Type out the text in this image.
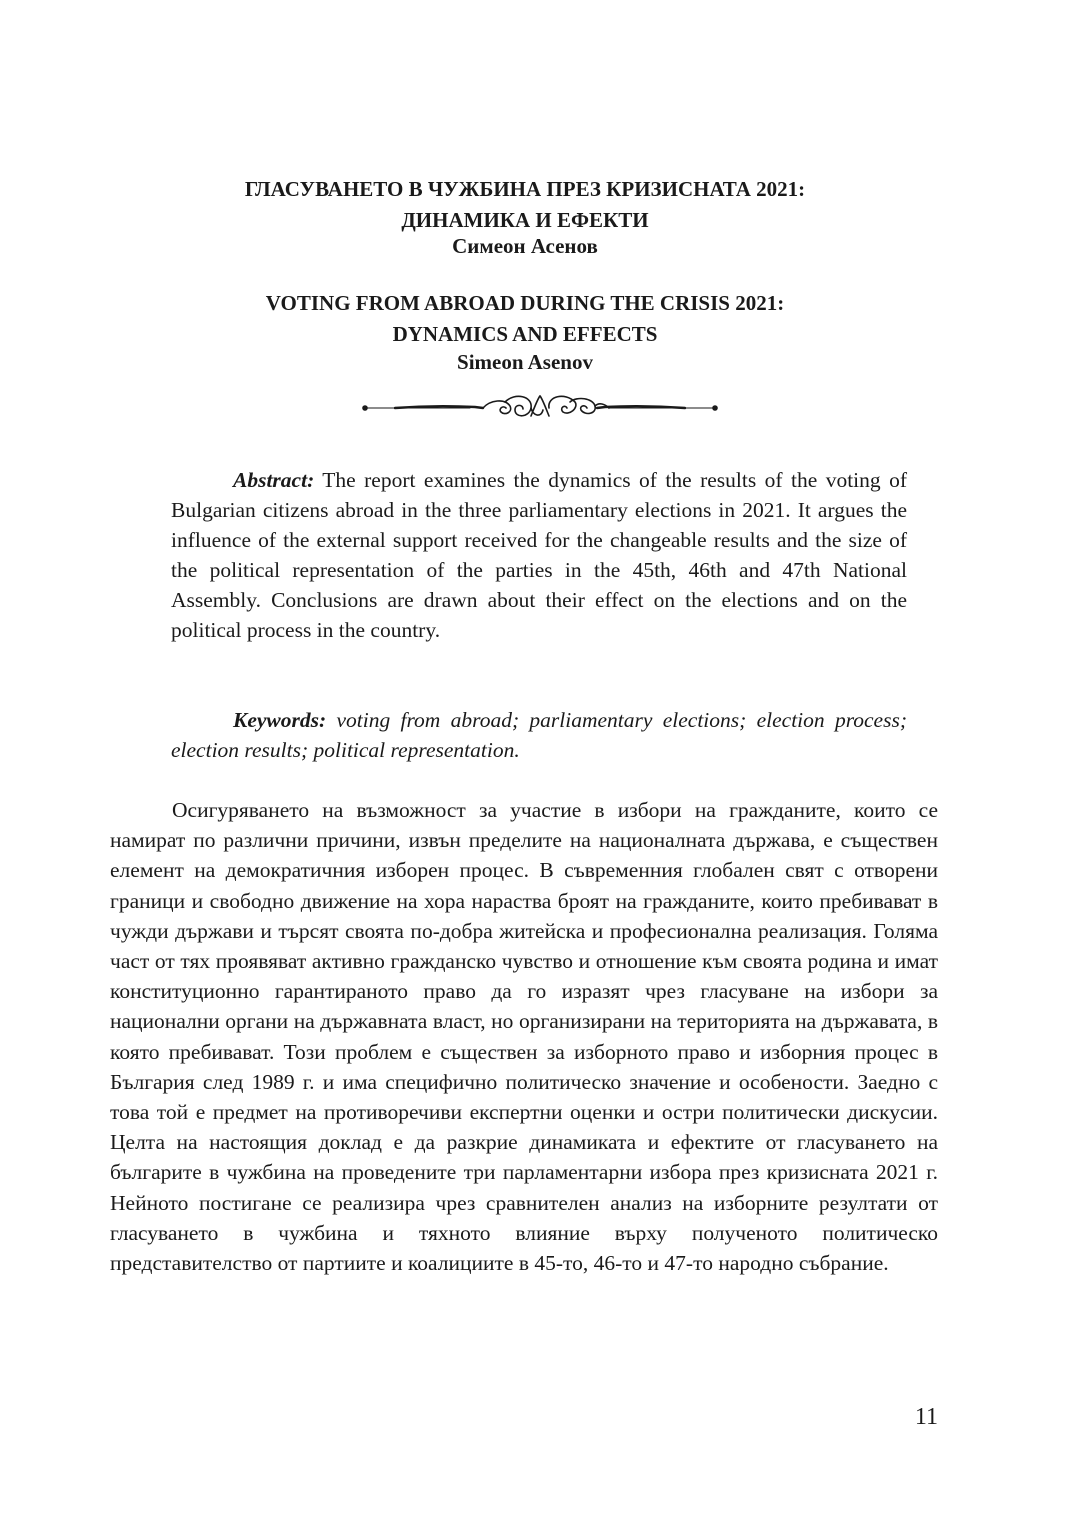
ГЛАСУВАНЕТО В ЧУЖБИНА ПРЕЗ КРИЗИСНАТА 2021:
ДИНАМИКА И ЕФЕКТИ
Симеон Асенов
VOTING FROM ABROAD DURING THE CRISIS 2021:
DYNAMICS AND EFFECTS
Simeon Asenov
Abstract: The report examines the dynamics of the results of the voting of Bulgarian citizens abroad in the three parliamentary elections in 2021. It argues the influence of the external support received for the changeable results and the size of the political representation of the parties in the 45th, 46th and 47th National Assembly. Conclusions are drawn about their effect on the elections and on the political process in the country.
Keywords: voting from abroad; parliamentary elections; election process; election results; political representation.
Осигуряването на възможност за участие в избори на гражданите, които се намират по различни причини, извън пределите на националната държава, е съществен елемент на демократичния изборен процес. В съвременния глобален свят с отворени граници и свободно движение на хора нараства броят на гражданите, които пребивават в чужди държави и търсят своята по-добра житейска и професионална реализация. Голяма част от тях проявяват активно гражданско чувство и отношение към своята родина и имат конституционно гарантираното право да го изразят чрез гласуване на избори за национални органи на държавната власт, но организирани на територията на държавата, в която пребивават. Този проблем е съществен за изборното право и изборния процес в България след 1989 г. и има специфично политическо значение и особености. Заедно с това той е предмет на противоречиви експертни оценки и остри политически дискусии. Целта на настоящия доклад е да разкрие динамиката и ефектите от гласуването на българите в чужбина на проведените три парламентарни избора през кризисната 2021 г. Нейното постигане се реализира чрез сравнителен анализ на изборните резултати от гласуването в чужбина и тяхното влияние върху полученото политическо представителство от партиите и коалициите в 45-то, 46-то и 47-то народно събрание.
11
